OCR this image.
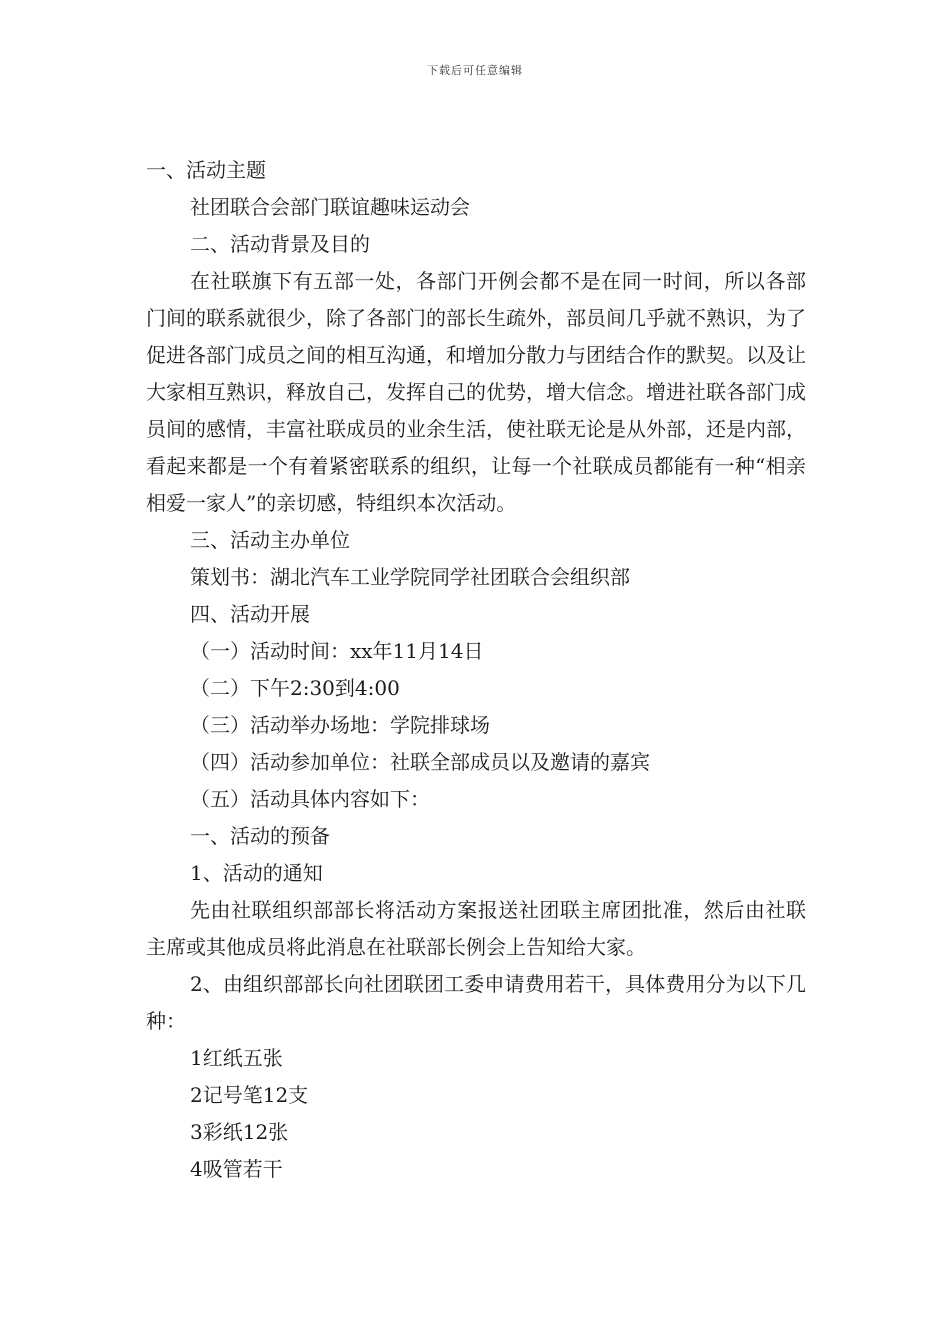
下载后可任意编辑

一、活动主题

社团联合会部门联谊趣味运动会

二、活动背景及目的

在社联旗下有五部一处，各部门开例会都不是在同一时间，所以各部门间的联系就很少，除了各部门的部长生疏外，部员间几乎就不熟识，为了促进各部门成员之间的相互沟通，和增加分散力与团结合作的默契。以及让大家相互熟识，释放自己，发挥自己的优势，增大信念。增进社联各部门成员间的感情，丰富社联成员的业余生活，使社联无论是从外部，还是内部，看起来都是一个有着紧密联系的组织，让每一个社联成员都能有一种“相亲相爱一家人”的亲切感，特组织本次活动。

三、活动主办单位

策划书：湖北汽车工业学院同学社团联合会组织部

四、活动开展

（一）活动时间：xx年11月14日

（二）下午2:30到4:00

（三）活动举办场地：学院排球场

（四）活动参加单位：社联全部成员以及邀请的嘉宾

（五）活动具体内容如下：

一、活动的预备

1、活动的通知

先由社联组织部部长将活动方案报送社团联主席团批准，然后由社联主席或其他成员将此消息在社联部长例会上告知给大家。

2、由组织部部长向社团联团工委申请费用若干，具体费用分为以下几种：

1红纸五张

2记号笔12支

3彩纸12张

4吸管若干
